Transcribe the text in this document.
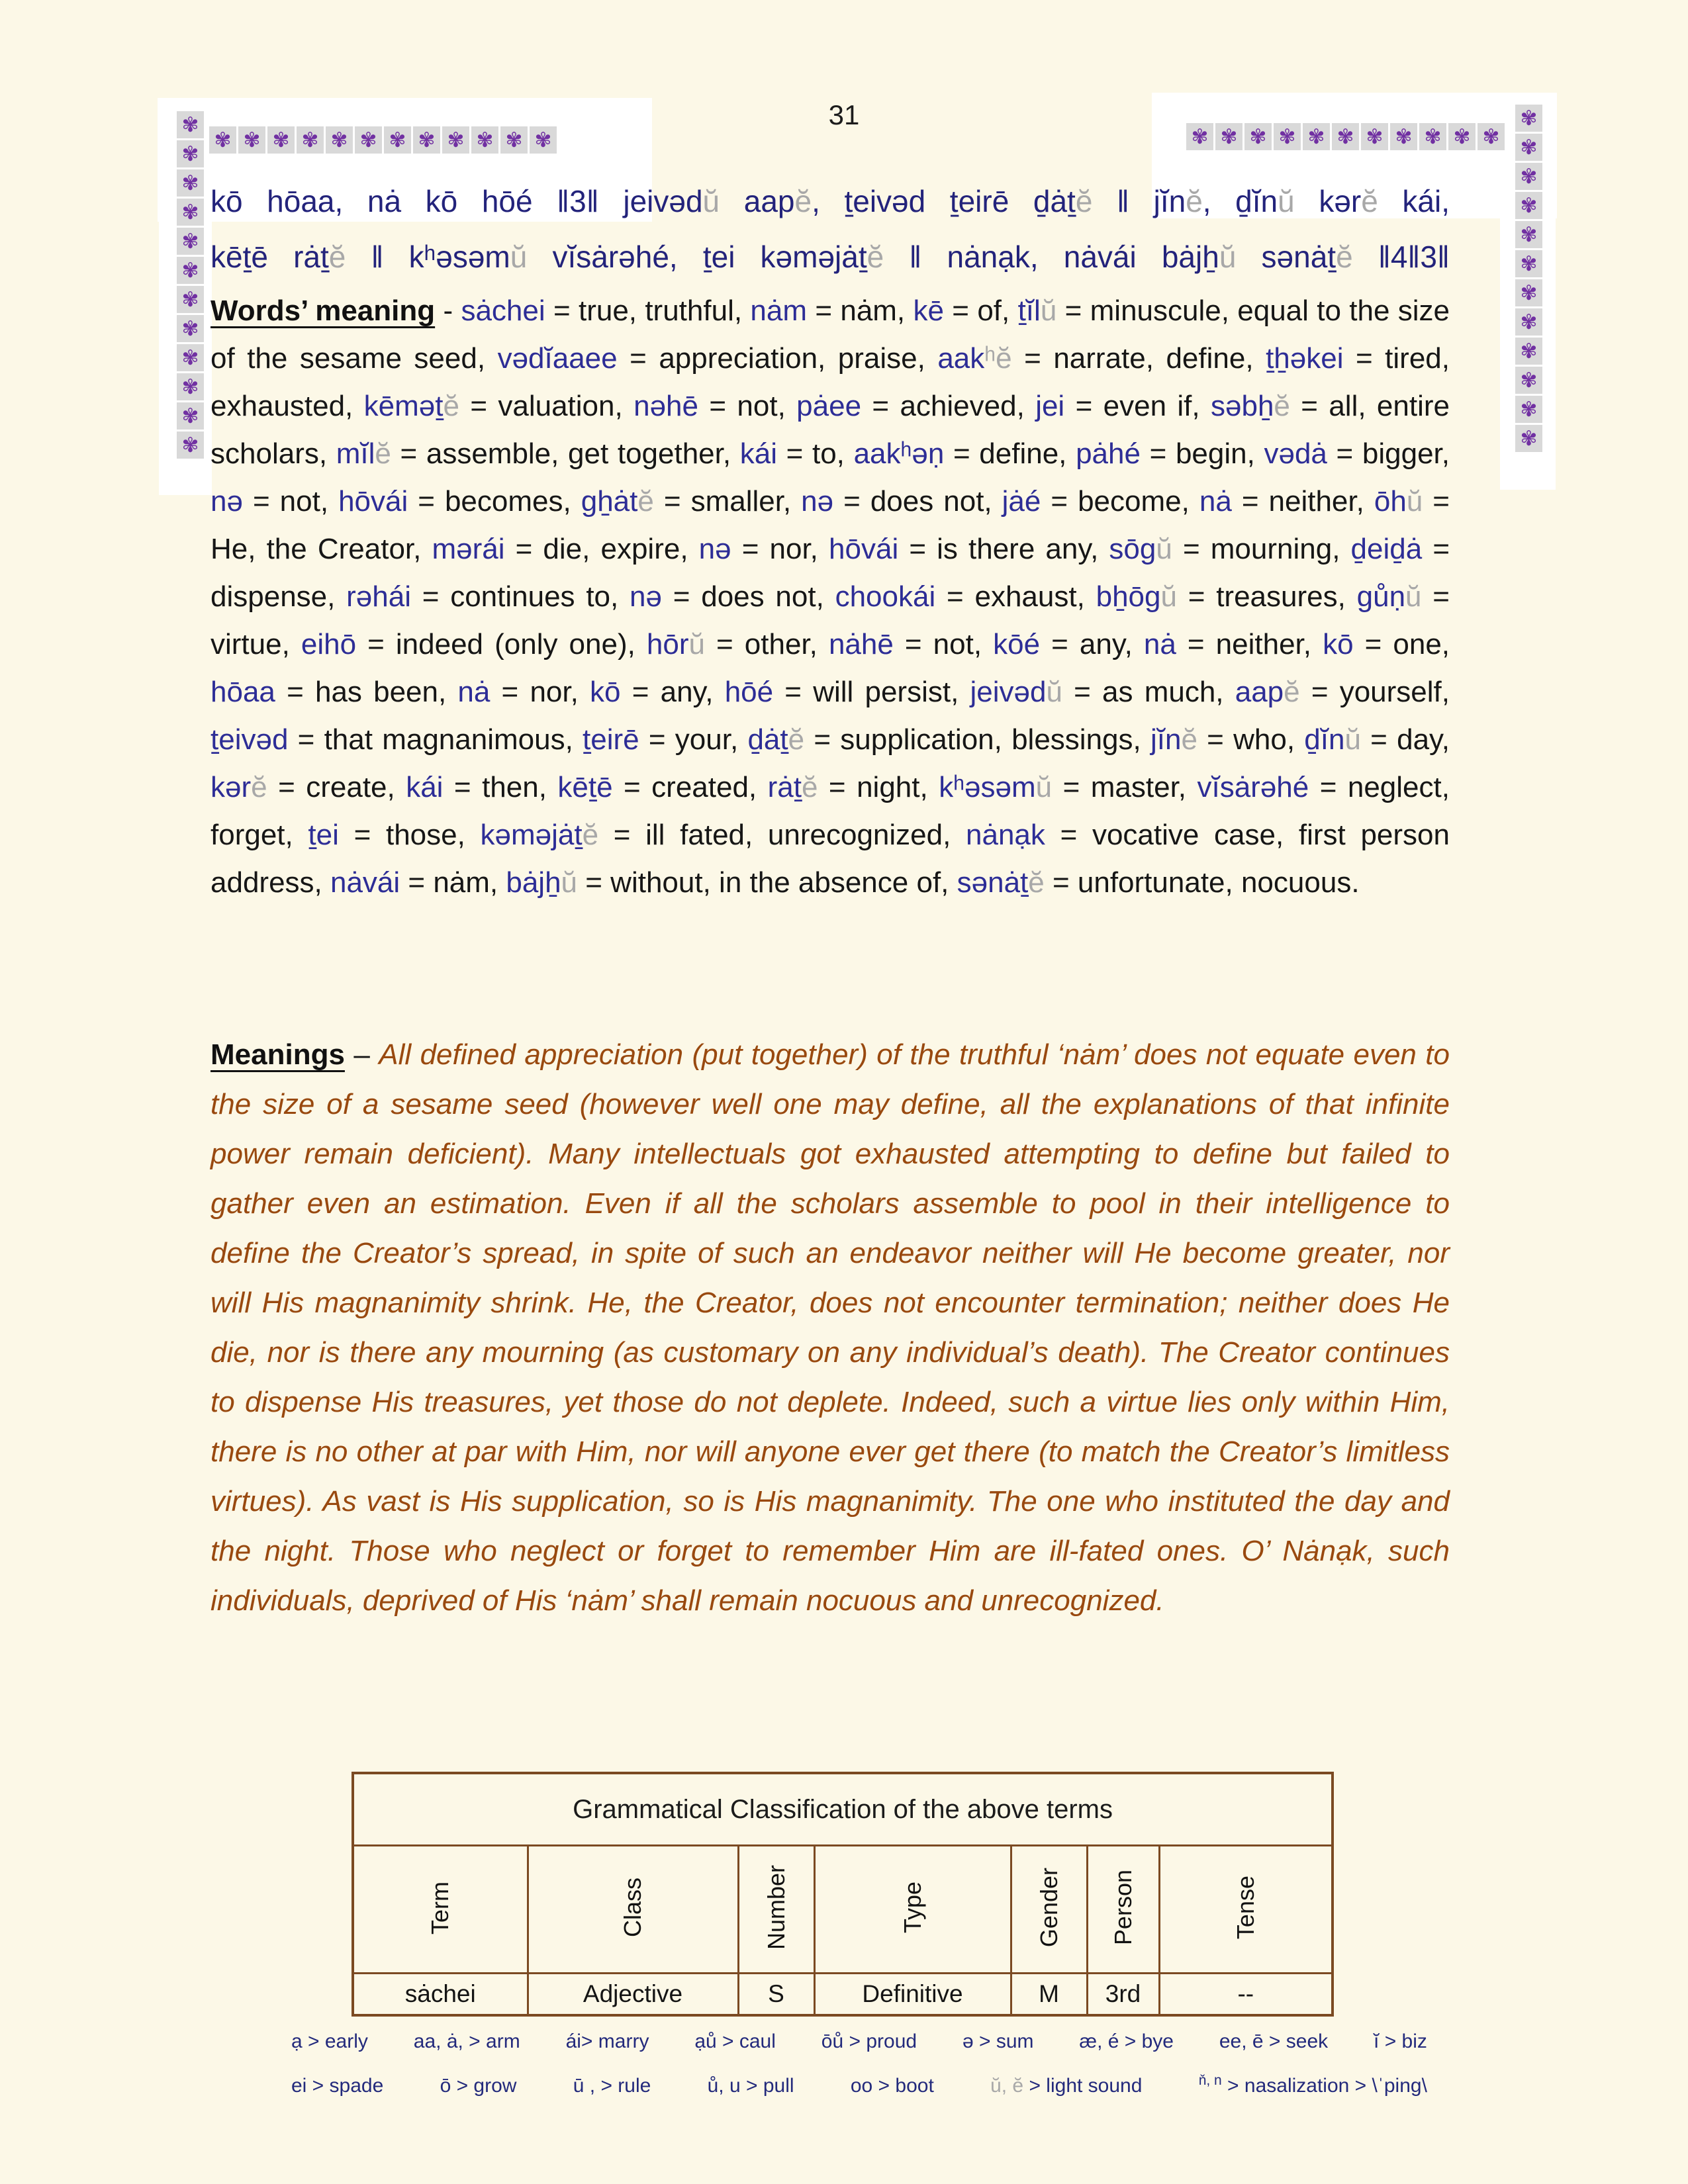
31
✾ ✾ ✾ ✾ ✾ ✾ ✾ ✾ ✾ ✾ ✾ ✾
✾
✾
✾
✾
✾
✾
✾
✾
✾
✾
✾
✾
✾ ✾ ✾ ✾ ✾ ✾ ✾ ✾ ✾ ✾ ✾
✾
✾
✾
✾
✾
✾
✾
✾
✾
✾
✾
✾
kō hōaa, nȧ kō hōé ‖3‖ jeivədŭ aapĕ, ṯeivəd ṯeirē ḏȧṯĕ ‖ jĭnĕ, ḏĭnŭ kərĕ kái,
kēṯē rȧṯĕ ‖ kʰəsəmŭ vĭsȧrəhé, ṯei kəməjȧṯĕ ‖ nȧnạk, nȧvái bȧjẖŭ sənȧṯĕ ‖4‖3‖
Words’ meaning - sȧchei = true, truthful, nȧm = nȧm, kē = of, ṯĭlŭ = minuscule, equal to the size of the sesame seed, vədĭaaee = appreciation, praise, aakʰĕ = narrate, define, ṯẖəkei = tired, exhausted, kēməṯĕ = valuation, nəhē = not, pȧee = achieved, jei = even if, səbẖĕ = all, entire scholars, mĭlĕ = assemble, get together, kái = to, aakʰəṇ = define, pȧhé = begin, vədȧ = bigger, nə = not, hōvái = becomes, gẖȧtĕ = smaller, nə = does not, jȧé = become, nȧ = neither, ōhŭ = He, the Creator, mərái = die, expire, nə = nor, hōvái = is there any, sōgŭ = mourning, ḏeiḏȧ = dispense, rəhái = continues to, nə = does not, chookái = exhaust, bẖōgŭ = treasures, gůṇŭ = virtue, eihō = indeed (only one), hōrŭ = other, nȧhē = not, kōé = any, nȧ = neither, kō = one, hōaa = has been, nȧ = nor, kō = any, hōé = will persist, jeivədŭ = as much, aapĕ = yourself, ṯeivəd = that magnanimous, ṯeirē = your, ḏȧṯĕ = supplication, blessings, jĭnĕ = who, ḏĭnŭ = day, kərĕ = create, kái = then, kēṯē = created, rȧṯĕ = night, kʰəsəmŭ = master, vĭsȧrəhé = neglect, forget, ṯei = those, kəməjȧṯĕ = ill fated, unrecognized, nȧnạk = vocative case, first person address, nȧvái = nȧm, bȧjẖŭ = without, in the absence of, sənȧṯĕ = unfortunate, nocuous.
Meanings – All defined appreciation (put together) of the truthful ‘nȧm’ does not equate even to the size of a sesame seed (however well one may define, all the explanations of that infinite power remain deficient). Many intellectuals got exhausted attempting to define but failed to gather even an estimation. Even if all the scholars assemble to pool in their intelligence to define the Creator’s spread, in spite of such an endeavor neither will He become greater, nor will His magnanimity shrink. He, the Creator, does not encounter termination; neither does He die, nor is there any mourning (as customary on any individual’s death). The Creator continues to dispense His treasures, yet those do not deplete. Indeed, such a virtue lies only within Him, there is no other at par with Him, nor will anyone ever get there (to match the Creator’s limitless virtues). As vast is His supplication, so is His magnanimity. The one who instituted the day and the night. Those who neglect or forget to remember Him are ill-fated ones. O’ Nȧnạk, such individuals, deprived of His ‘nȧm’ shall remain nocuous and unrecognized.
Grammatical Classification of the above terms						
Term	Class	Number	Type	Gender	Person	Tense
sȧchei	Adjective	S	Definitive	M	3rd	--
ạ > early aa, ȧ, > arm ái> marry ạů > caul ōů > proud ə > sum æ, é > bye ee, ē > seek ĭ > biz
ei > spade	ō > grow	ū , > rule	ů, u > pull	oo > boot	ŭ, ĕ > light sound	$^{ň, n}$ > nasalization > \ˈping\
